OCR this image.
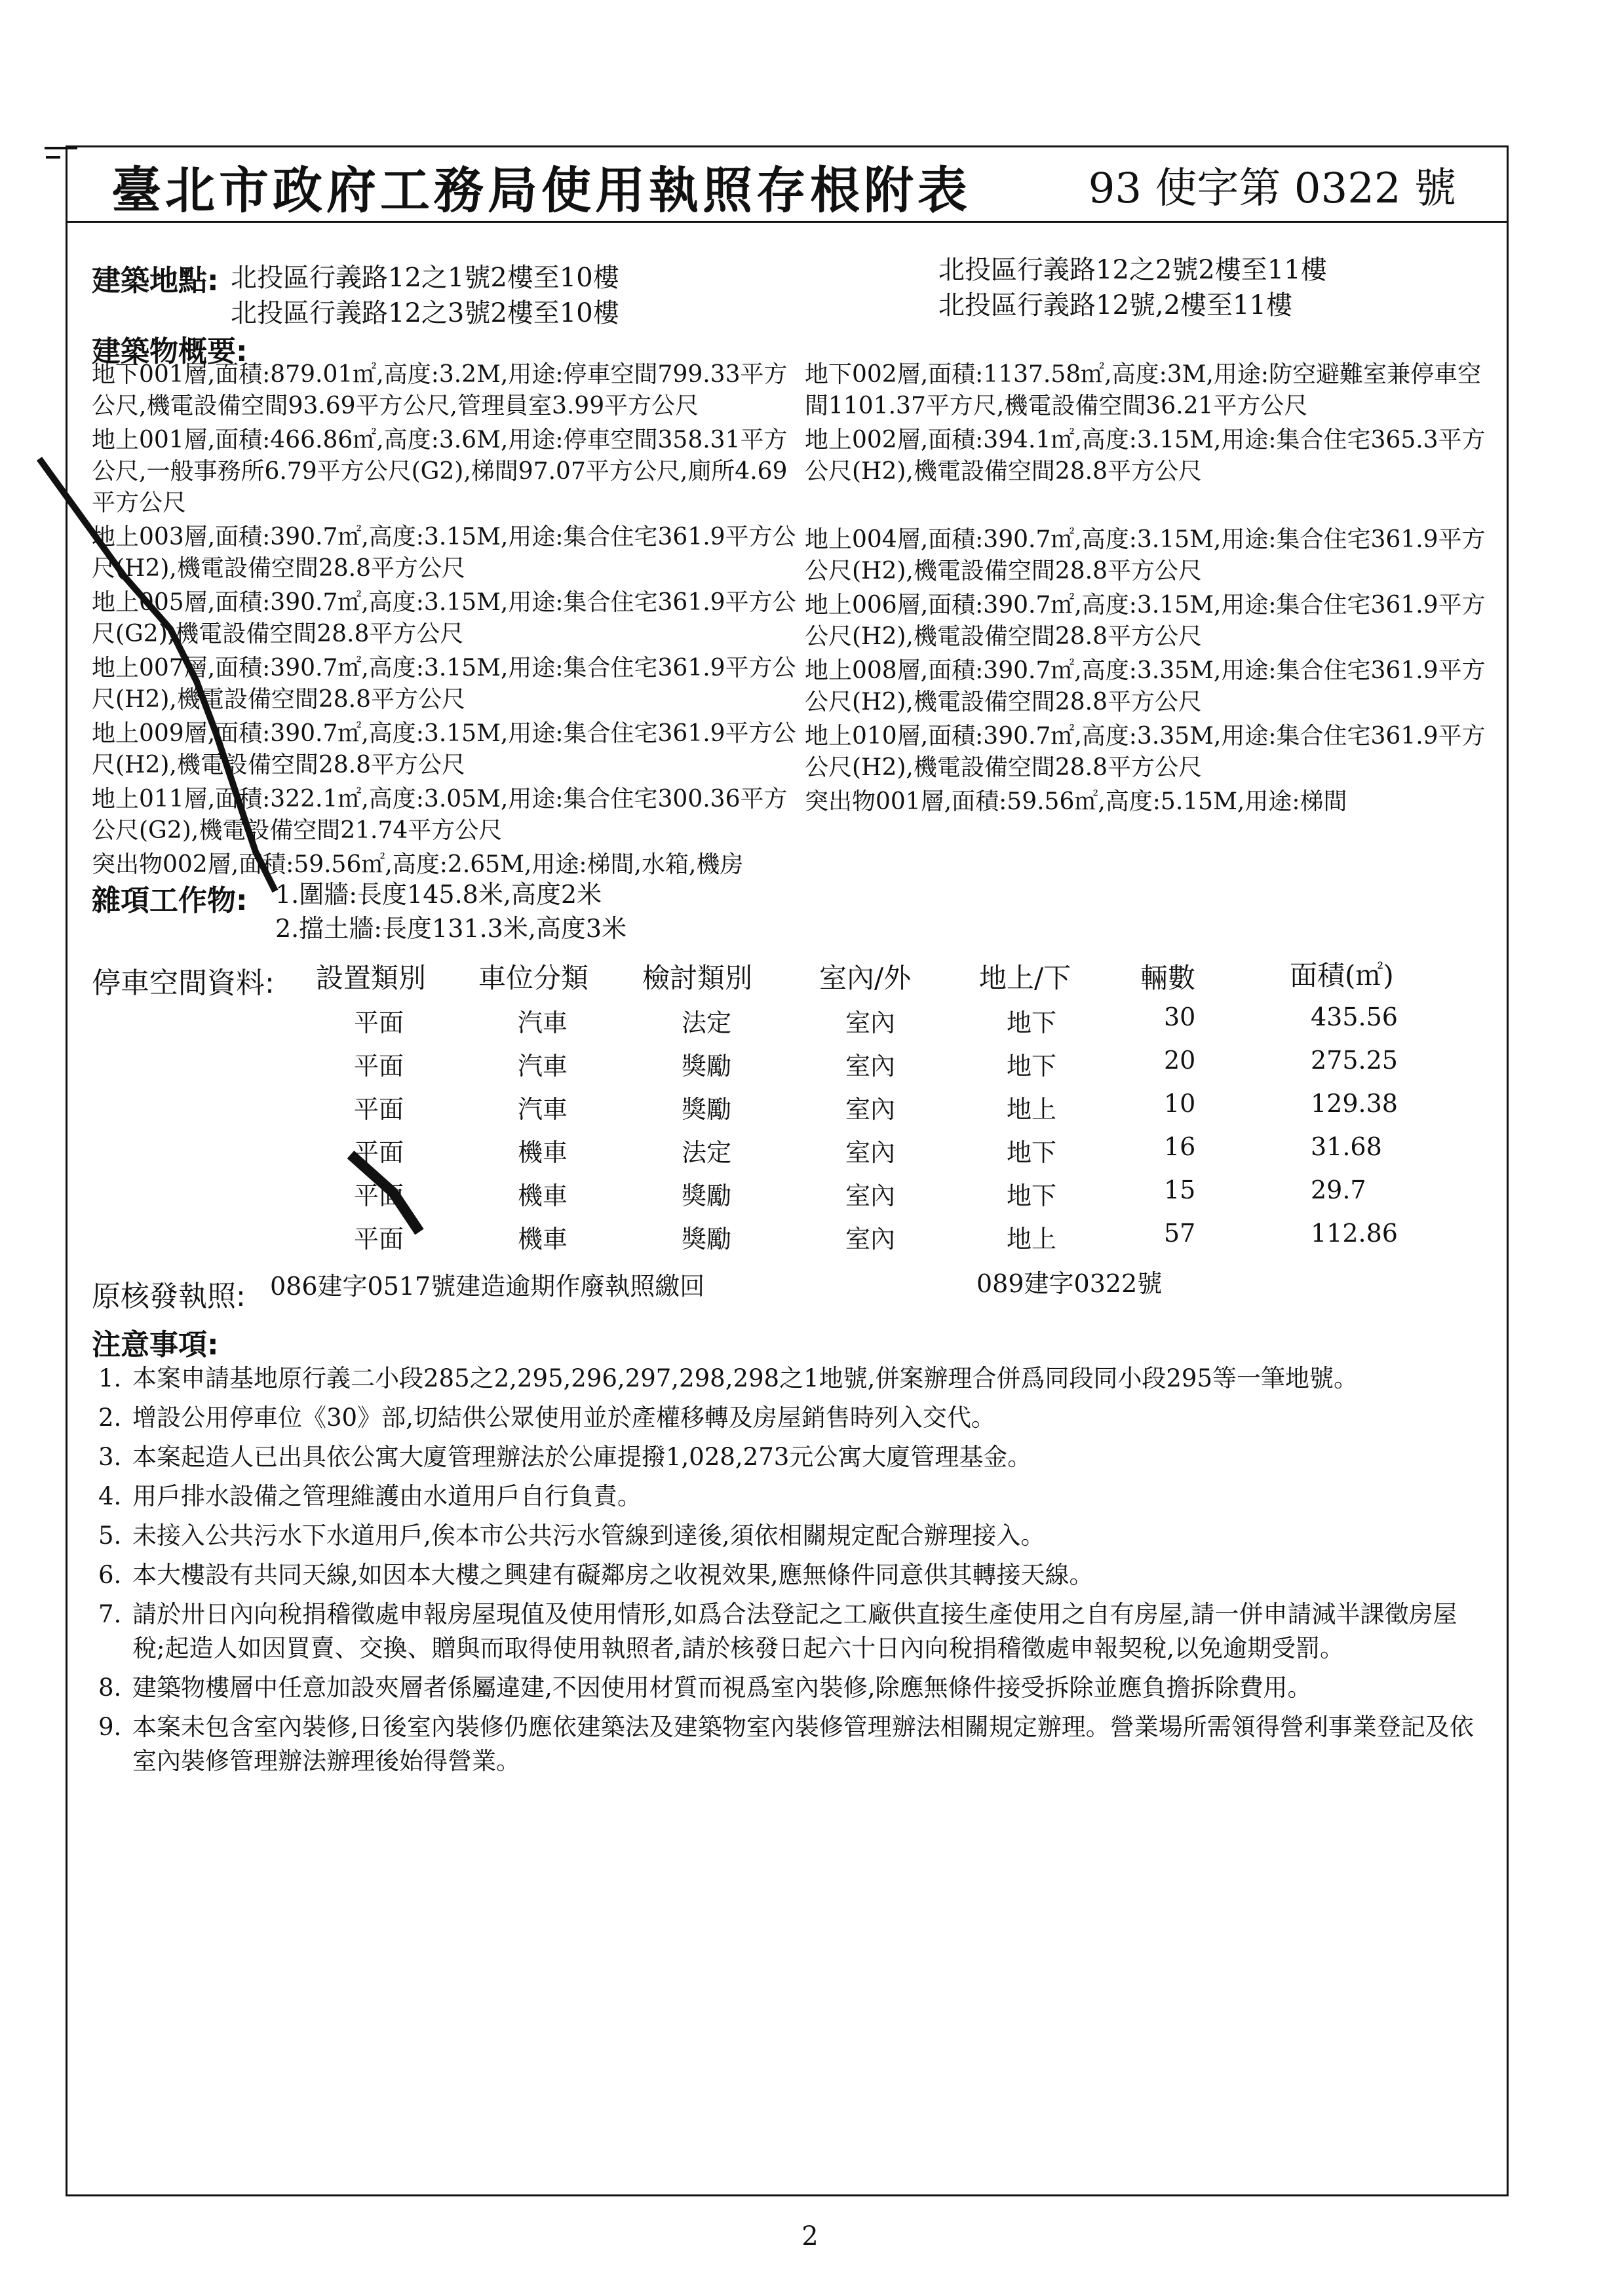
臺北市政府工務局使用執照存根附表	93 使字第 0322 號
建築地點: 北投區行義路12之1號2樓至10樓	北投區行義路12之2號2樓至11樓
北投區行義路12之3號2樓至10樓	北投區行義路12號,2樓至11樓
建築物概要:

地下001層,面積:879.01㎡,高度:3.2M,用途:停車空間799.33平方公尺,機電設備空間93.69平方公尺,管理員室3.99平方公尺

地上001層,面積:466.86㎡,高度:3.6M,用途:停車空間358.31平方公尺,一般事務所6.79平方公尺(G2),梯間97.07平方公尺,廁所4.69平方公尺

地上003層,面積:390.7㎡,高度:3.15M,用途:集合住宅361.9平方公尺(H2),機電設備空間28.8平方公尺

地上005層,面積:390.7㎡,高度:3.15M,用途:集合住宅361.9平方公尺(G2),機電設備空間28.8平方公尺

地上007層,面積:390.7㎡,高度:3.15M,用途:集合住宅361.9平方公尺(H2),機電設備空間28.8平方公尺

地上009層,面積:390.7㎡,高度:3.15M,用途:集合住宅361.9平方公尺(H2),機電設備空間28.8平方公尺

地上011層,面積:322.1㎡,高度:3.05M,用途:集合住宅300.36平方公尺(G2),機電設備空間21.74平方公尺

突出物002層,面積:59.56㎡,高度:2.65M,用途:梯間,水箱,機房

地下002層,面積:1137.58㎡,高度:3M,用途:防空避難室兼停車空間1101.37平方尺,機電設備空間36.21平方公尺

地上002層,面積:394.1㎡,高度:3.15M,用途:集合住宅365.3平方公尺(H2),機電設備空間28.8平方公尺

地上004層,面積:390.7㎡,高度:3.15M,用途:集合住宅361.9平方公尺(H2),機電設備空間28.8平方公尺

地上006層,面積:390.7㎡,高度:3.15M,用途:集合住宅361.9平方公尺(H2),機電設備空間28.8平方公尺

地上008層,面積:390.7㎡,高度:3.35M,用途:集合住宅361.9平方公尺(H2),機電設備空間28.8平方公尺

地上010層,面積:390.7㎡,高度:3.35M,用途:集合住宅361.9平方公尺(H2),機電設備空間28.8平方公尺

突出物001層,面積:59.56㎡,高度:5.15M,用途:梯間

雜項工作物: 1.圍牆:長度145.8米,高度2米
2.擋土牆:長度131.3米,高度3米
停車空間資料: 設置類別 車位分類 檢討類別 室內/外 地上/下	輛數	面積(㎡)
平面	汽車	法定	室內	地下	30	435.56
平面	汽車	獎勵	室內	地下	20	275.25
平面	汽車	獎勵	室內	地上	10	129.38
平面	機車	法定	室內	地下	16	31.68
平面	機車	獎勵	室內	地下	15	29.7
平面	機車	獎勵	室內	地上	57	112.86
原核發執照: 086建字0517號建造逾期作廢執照繳回	089建字0322號
注意事項:
1. 本案申請基地原行義二小段285之2,295,296,297,298,298之1地號,併案辦理合併爲同段同小段295等一筆地號。
2. 增設公用停車位《30》部,切結供公眾使用並於產權移轉及房屋銷售時列入交代。
3. 本案起造人已出具依公寓大廈管理辦法於公庫提撥1,028,273元公寓大廈管理基金。
4. 用戶排水設備之管理維護由水道用戶自行負責。
5. 未接入公共污水下水道用戶,俟本市公共污水管線到達後,須依相關規定配合辦理接入。
6. 本大樓設有共同天線,如因本大樓之興建有礙鄰房之收視效果,應無條件同意供其轉接天線。
7. 請於卅日內向稅捐稽徵處申報房屋現值及使用情形,如爲合法登記之工廠供直接生產使用之自有房屋,請一併申請減半課徵房屋稅;起造人如因買賣、交換、贈與而取得使用執照者,請於核發日起六十日內向稅捐稽徵處申報契稅,以免逾期受罰。
8. 建築物樓層中任意加設夾層者係屬違建,不因使用材質而視爲室內裝修,除應無條件接受拆除並應負擔拆除費用。
9. 本案未包含室內裝修,日後室內裝修仍應依建築法及建築物室內裝修管理辦法相關規定辦理。營業場所需領得營利事業登記及依室內裝修管理辦法辦理後始得營業。
2
